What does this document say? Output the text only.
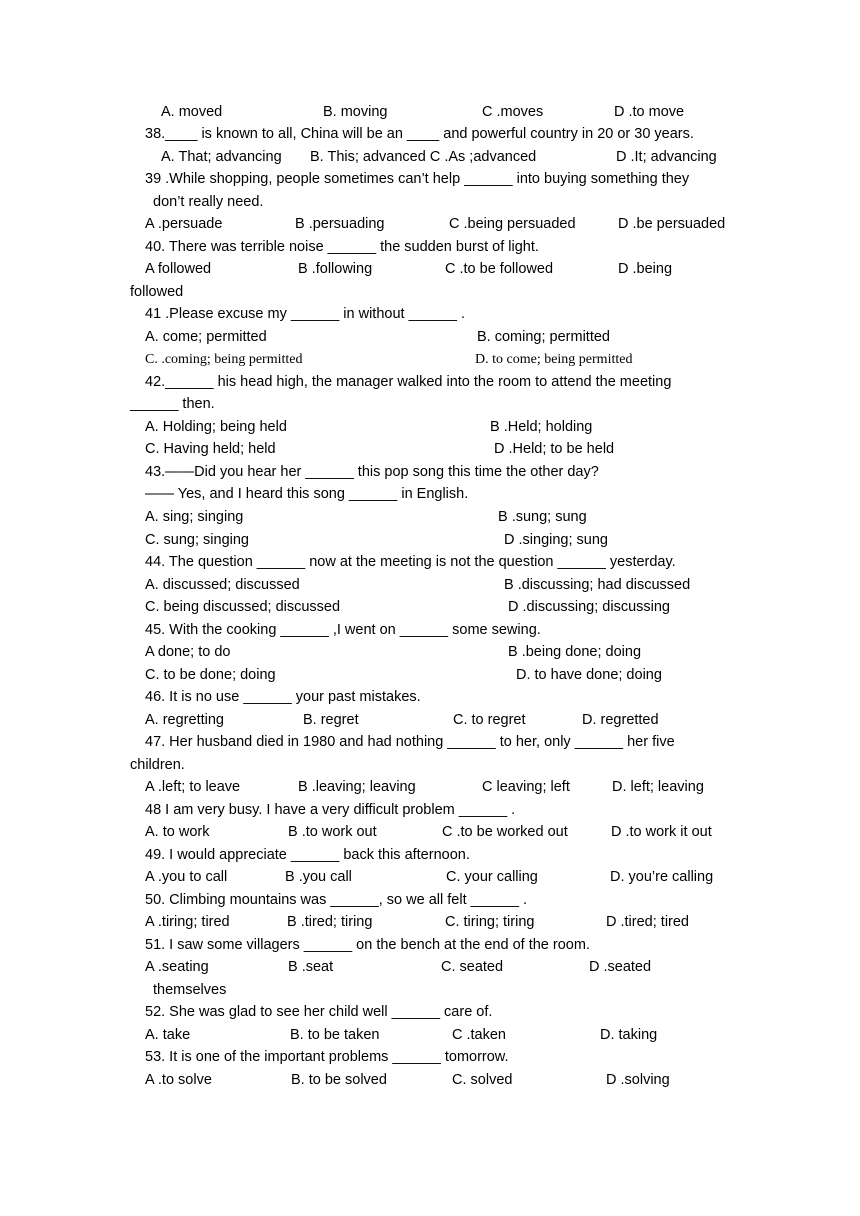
A. moved	B. moving	C .moves	D .to move
38.____ is known to all, China will be an ____ and powerful country in 20 or 30 years.
A. That; advancing B. This; advanced C .As ;advanced	D .It; advancing
39 .While shopping, people sometimes can’t help ______ into buying something they
don’t really need.
A .persuade	B .persuading	C .being persuaded	D .be persuaded
40. There was terrible noise ______ the sudden burst of light.
A followed	B .following	C .to be followed	D .being
followed
41 .Please excuse my ______ in without ______ .
A. come; permitted	B. coming; permitted
C. .coming; being permitted	D. to come; being permitted
42.______ his head high, the manager walked into the room to attend the meeting
______ then.
A. Holding; being held	B .Held; holding
C. Having held; held	D .Held; to be held
43.——Did you hear her ______ this pop song this time the other day?
—— Yes, and I heard this song ______ in English.
A. sing; singing	B .sung; sung
C. sung; singing	D .singing; sung
44. The question ______ now at the meeting is not the question ______ yesterday.
A. discussed; discussed	B .discussing; had discussed
C. being discussed; discussed	D .discussing; discussing
45. With the cooking ______ ,I went on ______ some sewing.
A done; to do	B .being done; doing
C. to be done; doing	D. to have done; doing
46. It is no use ______ your past mistakes.
A. regretting	B. regret	C. to regret	D. regretted
47. Her husband died in 1980 and had nothing ______ to her, only ______ her five
children.
A .left; to leave	B .leaving; leaving	C leaving; left	D. left; leaving
48 I am very busy. I have a very difficult problem ______ .
A. to work	B .to work out	C .to be worked out	D .to work it out
49. I would appreciate ______ back this afternoon.
A .you to call	B .you call	C. your calling	D. you’re calling
50. Climbing mountains was ______, so we all felt ______ .
A .tiring; tired	B .tired; tiring	C. tiring; tiring	D .tired; tired
51. I saw some villagers ______ on the bench at the end of the room.
A .seating	B .seat	C. seated	D .seated
themselves
52. She was glad to see her child well ______ care of.
A. take	B. to be taken	C .taken	D. taking
53. It is one of the important problems ______ tomorrow.
A .to solve	B. to be solved	C. solved	D .solving
